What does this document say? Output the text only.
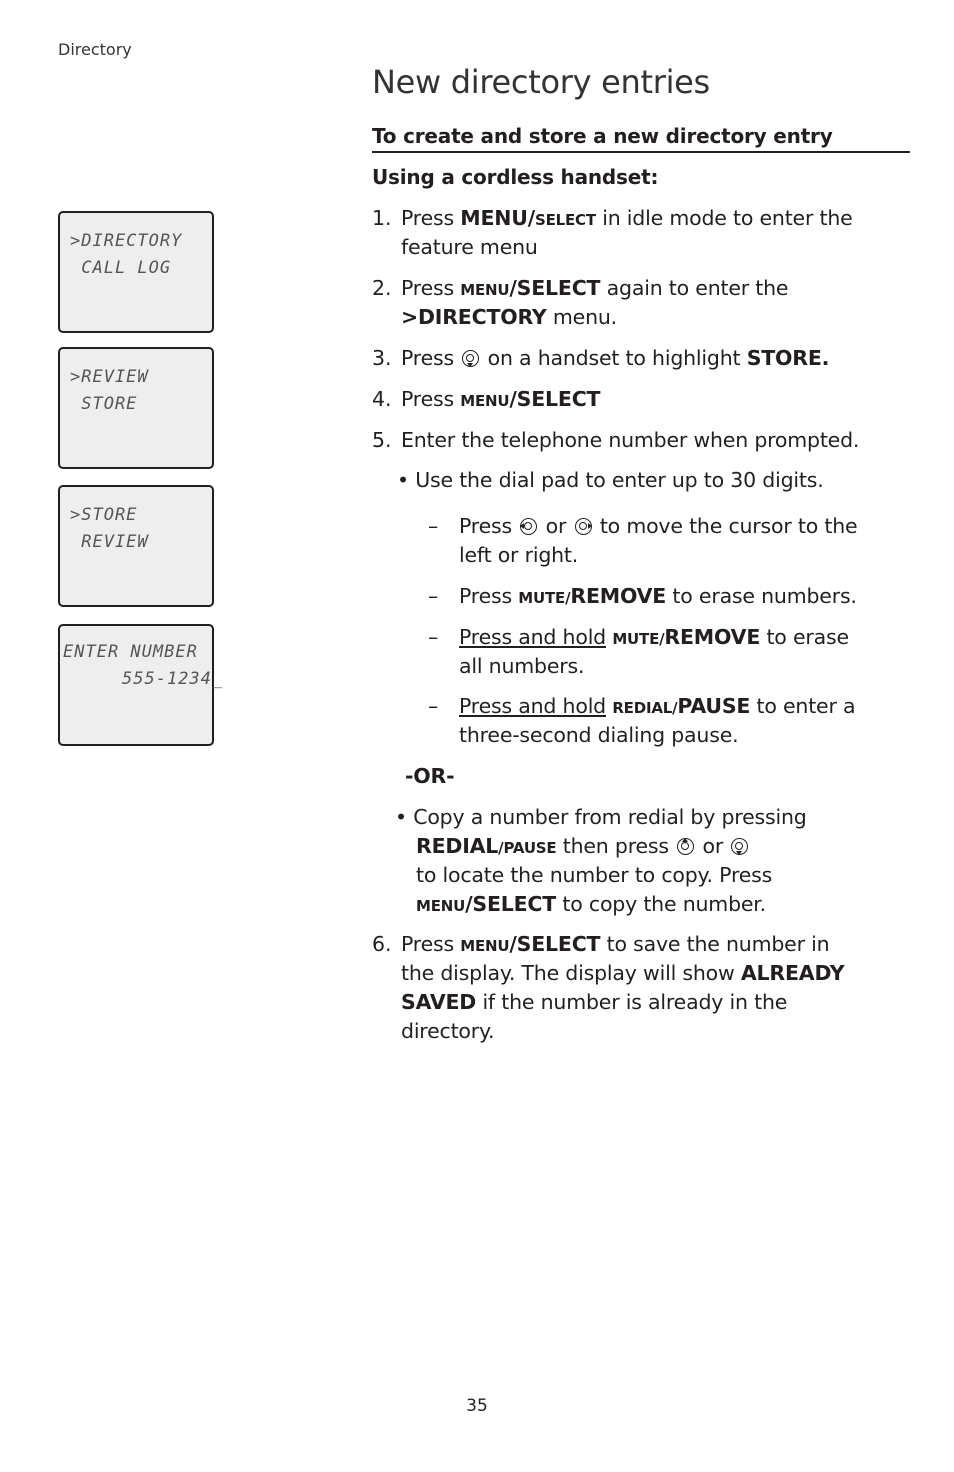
Directory
New directory entries
To create and store a new directory entry
Using a cordless handset:
>DIRECTORY
CALL LOG
>REVIEW
STORE
>STORE
REVIEW
ENTER NUMBER
555-1234_
1. Press MENU/SELECT in idle mode to enter the
feature menu
2. Press MENU/SELECT again to enter the
>DIRECTORY menu.
3. Press  on a handset to highlight STORE.
4. Press MENU/SELECT
5. Enter the telephone number when prompted.
• Use the dial pad to enter up to 30 digits.
– Press  or  to move the cursor to the
left or right.
– Press MUTE/REMOVE to erase numbers.
– Press and hold MUTE/REMOVE to erase
all numbers.
– Press and hold REDIAL/PAUSE to enter a
three-second dialing pause.
-OR-
• Copy a number from redial by pressing
REDIAL/PAUSE then press  or
to locate the number to copy. Press
MENU/SELECT to copy the number.
6. Press MENU/SELECT to save the number in
the display. The display will show ALREADY
SAVED if the number is already in the
directory.
35
